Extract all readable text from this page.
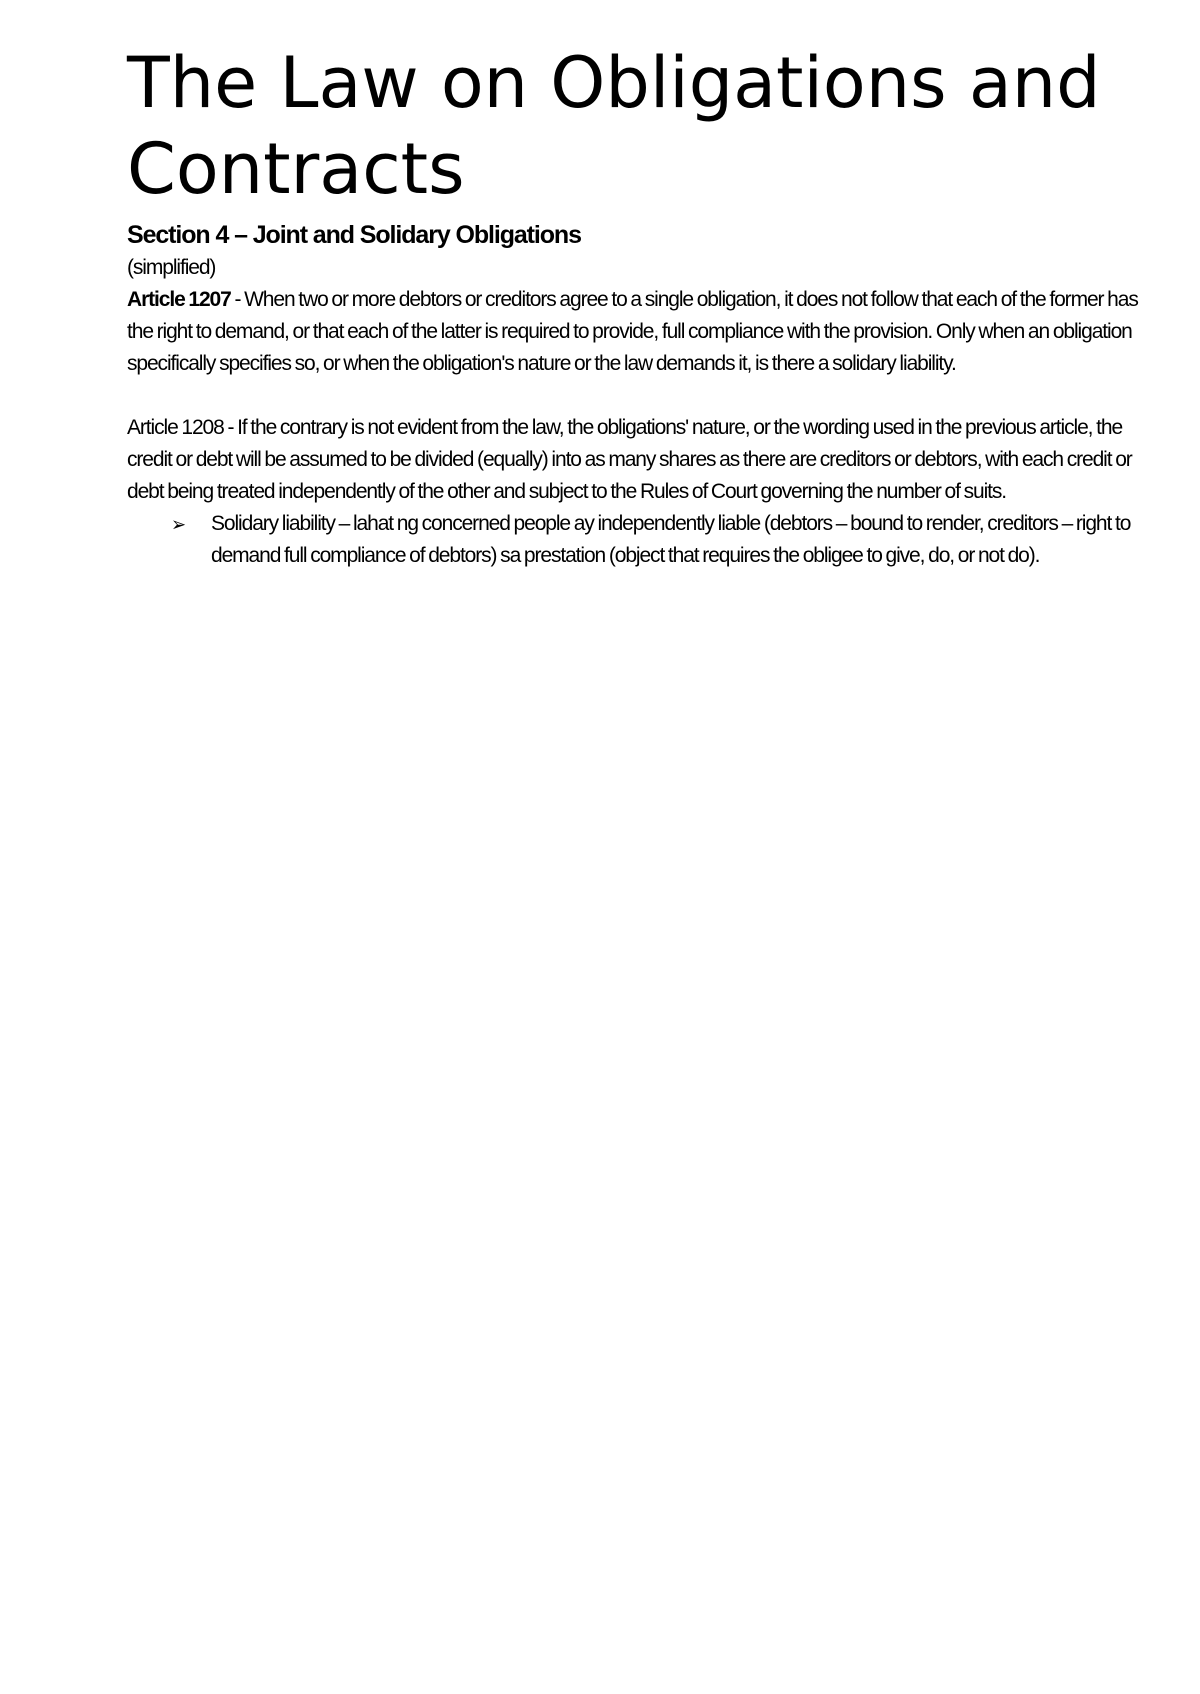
The Law on Obligations and Contracts
Section 4 – Joint and Solidary Obligations

(simplified)

Article 1207 - When two or more debtors or creditors agree to a single obligation, it does not follow that each of the former has the right to demand, or that each of the latter is required to provide, full compliance with the provision. Only when an obligation specifically specifies so, or when the obligation's nature or the law demands it, is there a solidary liability.

Article 1208 - If the contrary is not evident from the law, the obligations' nature, or the wording used in the previous article, the credit or debt will be assumed to be divided (equally) into as many shares as there are creditors or debtors, with each credit or debt being treated independently of the other and subject to the Rules of Court governing the number of suits.

➢ Solidary liability – lahat ng concerned people ay independently liable (debtors – bound to render, creditors – right to demand full compliance of debtors) sa prestation (object that requires the obligee to give, do, or not do).
